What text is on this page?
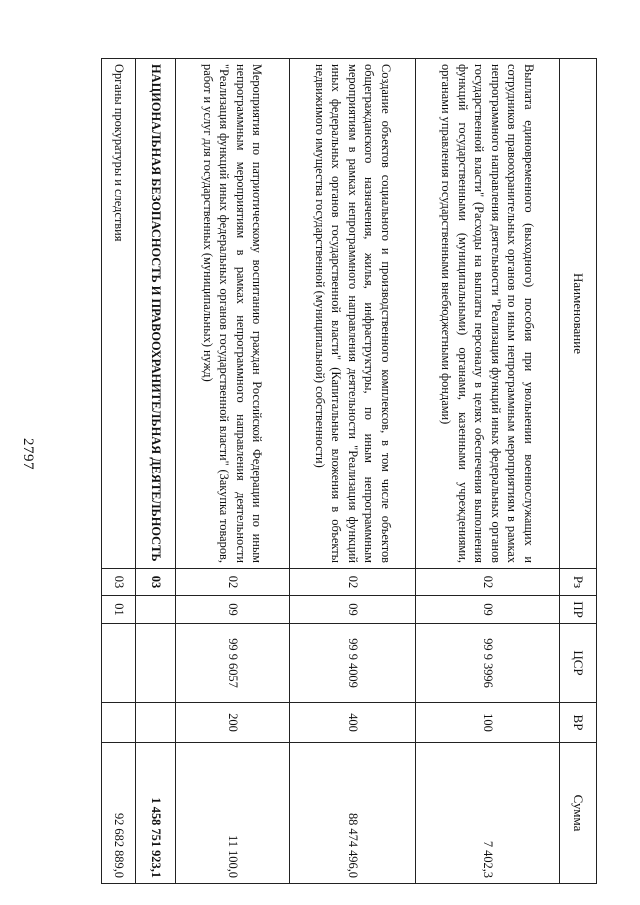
2797
Наименование	Рз	ПР	ЦСР	ВР	Сумма
Выплата единовременного (выходного) пособия при увольнении военнослужащих и сотрудников правоохранительных органов по иным непрограммным мероприятиям в рамках непрограммного направления деятельности "Реализация функций иных федеральных органов государственной власти" (Расходы на выплаты персоналу в целях обеспечения выполнения функций государственными (муниципальными) органами, казенными учреждениями, органами управления государственными внебюджетными фондами)	02	09	99 9 3996	100	7 402,3
Создание объектов социального и производственного комплексов, в том числе объектов общегражданского назначения, жилья, инфраструктуры, по иным непрограммным мероприятиям в рамках непрограммного направления деятельности "Реализация функций иных федеральных органов государственной власти" (Капитальные вложения в объекты недвижимого имущества государственной (муниципальной) собственности)	02	09	99 9 4009	400	88 474 496,0
Мероприятия по патриотическому воспитанию граждан Российской Федерации по иным непрограммным мероприятиям в рамках непрограммного направления деятельности "Реализация функций иных федеральных органов государственной власти" (Закупка товаров, работ и услуг для государственных (муниципальных) нужд)	02	09	99 9 6057	200	11 100,0
НАЦИОНАЛЬНАЯ БЕЗОПАСНОСТЬ И ПРАВООХРАНИТЕЛЬНАЯ ДЕЯТЕЛЬНОСТЬ	03				1 458 751 923,1
Органы прокуратуры и следствия	03	01			92 682 889,0
